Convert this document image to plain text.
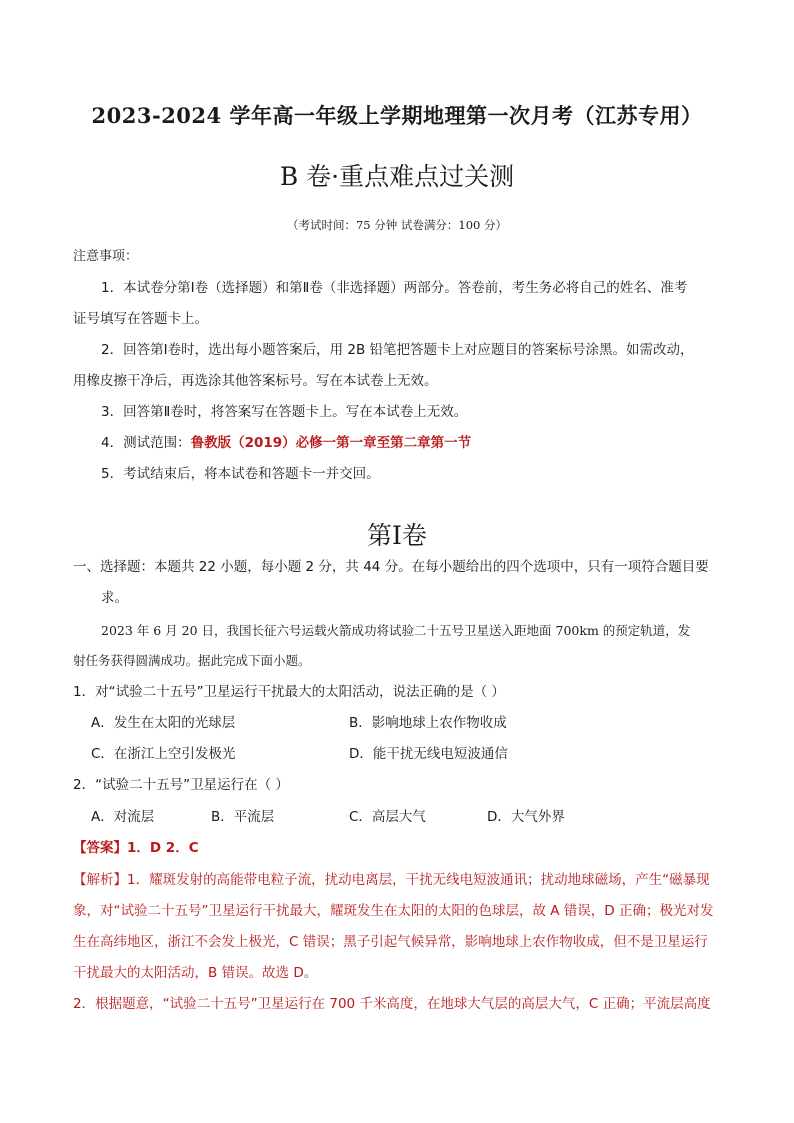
2023-2024 学年高一年级上学期地理第一次月考（江苏专用）
B 卷·重点难点过关测
（考试时间：75 分钟 试卷满分：100 分）
注意事项：
1．本试卷分第Ⅰ卷（选择题）和第Ⅱ卷（非选择题）两部分。答卷前，考生务必将自己的姓名、准考
证号填写在答题卡上。
2．回答第Ⅰ卷时，选出每小题答案后，用 2B 铅笔把答题卡上对应题目的答案标号涂黑。如需改动，
用橡皮擦干净后，再选涂其他答案标号。写在本试卷上无效。
3．回答第Ⅱ卷时，将答案写在答题卡上。写在本试卷上无效。
4．测试范围：鲁教版（2019）必修一第一章至第二章第一节
5．考试结束后，将本试卷和答题卡一并交回。
第Ⅰ卷
一、选择题：本题共 22 小题，每小题 2 分，共 44 分。在每小题给出的四个选项中，只有一项符合题目要
求。
2023 年 6 月 20 日，我国长征六号运载火箭成功将试验二十五号卫星送入距地面 700km 的预定轨道，发
射任务获得圆满成功。据此完成下面小题。
1．对“试验二十五号”卫星运行干扰最大的太阳活动，说法正确的是（ ）
A．发生在太阳的光球层	B．影响地球上农作物收成
C．在浙江上空引发极光	D．能干扰无线电短波通信
2．“试验二十五号”卫星运行在（ ）
A．对流层	B．平流层	C．高层大气	D．大气外界
【答案】1．D 2．C
【解析】1．耀斑发射的高能带电粒子流，扰动电离层，干扰无线电短波通讯；扰动地球磁场，产生“磁暴现
象，对“试验二十五号”卫星运行干扰最大，耀斑发生在太阳的太阳的色球层，故 A 错误，D 正确；极光对发
生在高纬地区，浙江不会发上极光，C 错误；黑子引起气候异常，影响地球上农作物收成，但不是卫星运行
干扰最大的太阳活动，B 错误。故选 D。
2．根据题意，“试验二十五号”卫星运行在 700 千米高度，在地球大气层的高层大气，C 正确；平流层高度
